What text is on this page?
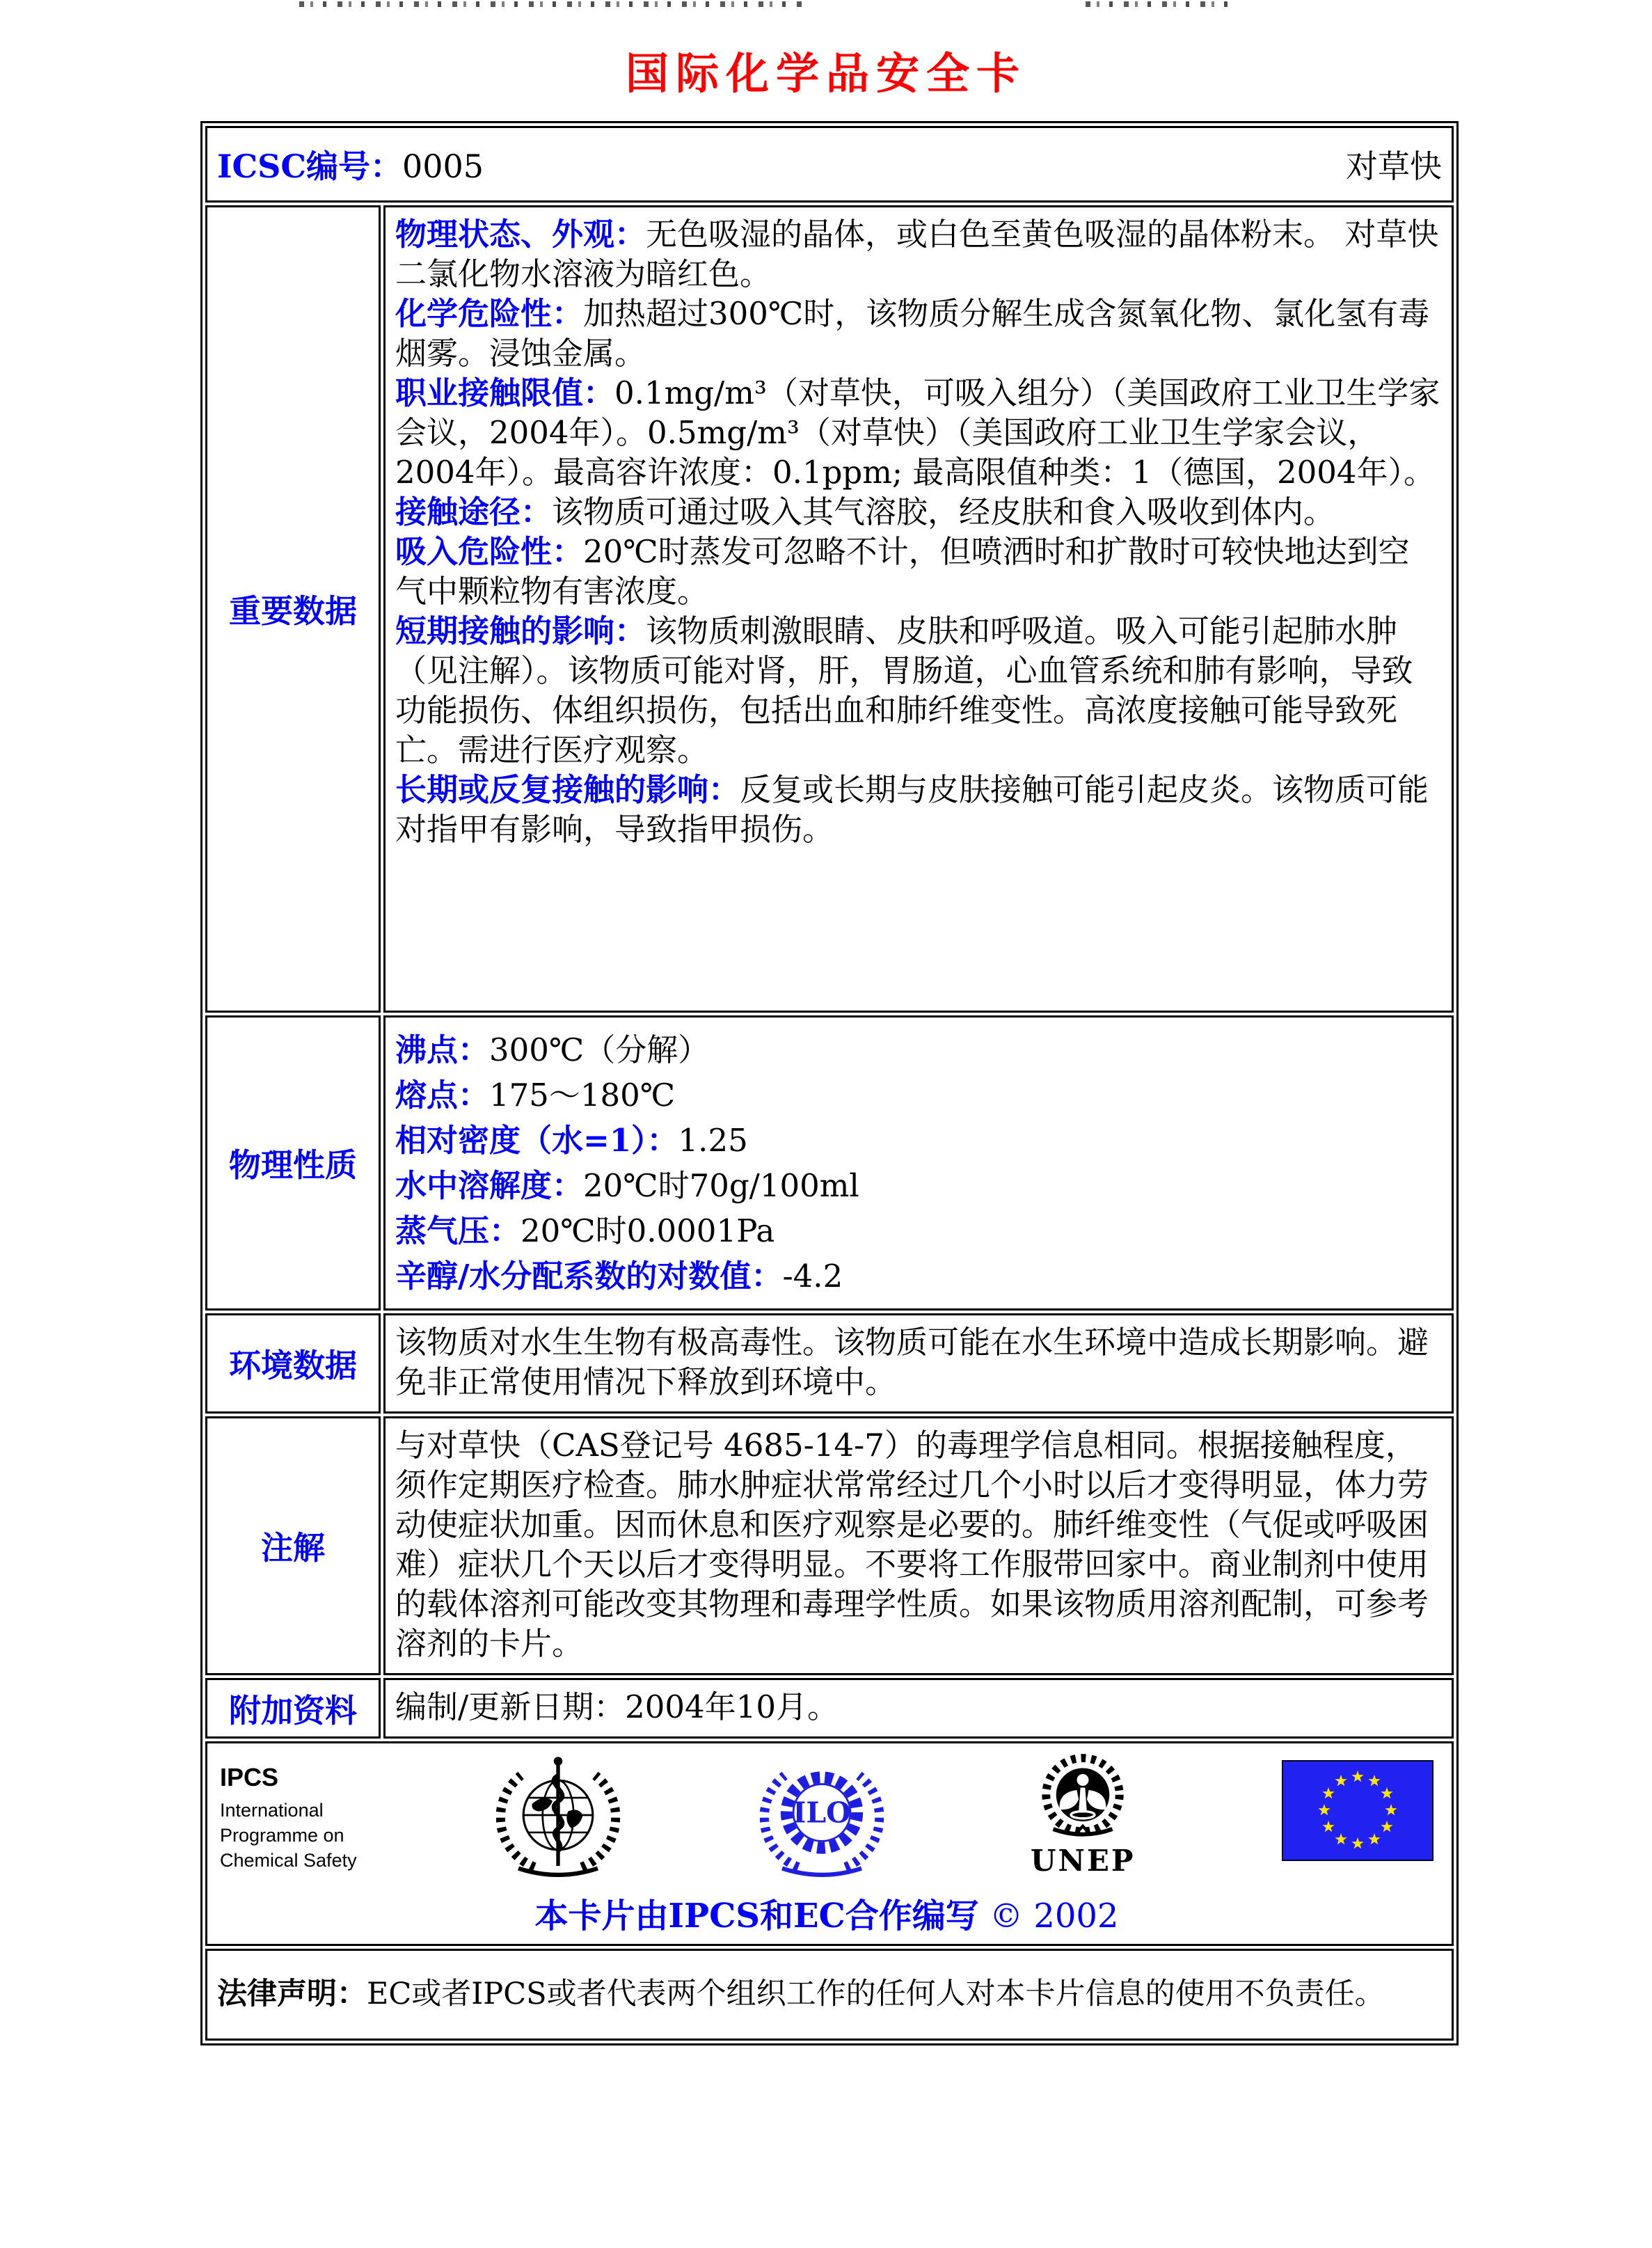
国际化学品安全卡
ICSC编号：0005	对草快
重要数据
物理状态、外观：无色吸湿的晶体，或白色至黄色吸湿的晶体粉末。 对草快二氯化物水溶液为暗红色。
化学危险性：加热超过300℃时，该物质分解生成含氮氧化物、氯化氢有毒烟雾。浸蚀金属。
职业接触限值：0.1mg/m³（对草快，可吸入组分）（美国政府工业卫生学家会议，2004年）。0.5mg/m³（对草快）（美国政府工业卫生学家会议，2004年）。最高容许浓度：0.1ppm; 最高限值种类：1（德国，2004年）。
接触途径：该物质可通过吸入其气溶胶，经皮肤和食入吸收到体内。
吸入危险性：20℃时蒸发可忽略不计，但喷洒时和扩散时可较快地达到空气中颗粒物有害浓度。
短期接触的影响：该物质刺激眼睛、皮肤和呼吸道。吸入可能引起肺水肿（见注解）。该物质可能对肾，肝，胃肠道，心血管系统和肺有影响，导致功能损伤、体组织损伤，包括出血和肺纤维变性。高浓度接触可能导致死亡。需进行医疗观察。
长期或反复接触的影响：反复或长期与皮肤接触可能引起皮炎。该物质可能对指甲有影响，导致指甲损伤。
物理性质
沸点：300℃（分解）
熔点：175～180℃
相对密度（水=1）：1.25
水中溶解度：20℃时70g/100ml
蒸气压：20℃时0.0001Pa
辛醇/水分配系数的对数值：-4.2
环境数据
该物质对水生生物有极高毒性。该物质可能在水生环境中造成长期影响。避免非正常使用情况下释放到环境中。
注解
与对草快（CAS登记号 4685-14-7）的毒理学信息相同。根据接触程度，须作定期医疗检查。肺水肿症状常常经过几个小时以后才变得明显，体力劳动使症状加重。因而休息和医疗观察是必要的。肺纤维变性（气促或呼吸困难）症状几个天以后才变得明显。不要将工作服带回家中。商业制剂中使用的载体溶剂可能改变其物理和毒理学性质。如果该物质用溶剂配制，可参考溶剂的卡片。
附加资料	编制/更新日期：2004年10月。
IPCS
International
Programme on
Chemical Safety
ILO
UNEP
本卡片由IPCS和EC合作编写 © 2002
法律声明：EC或者IPCS或者代表两个组织工作的任何人对本卡片信息的使用不负责任。
